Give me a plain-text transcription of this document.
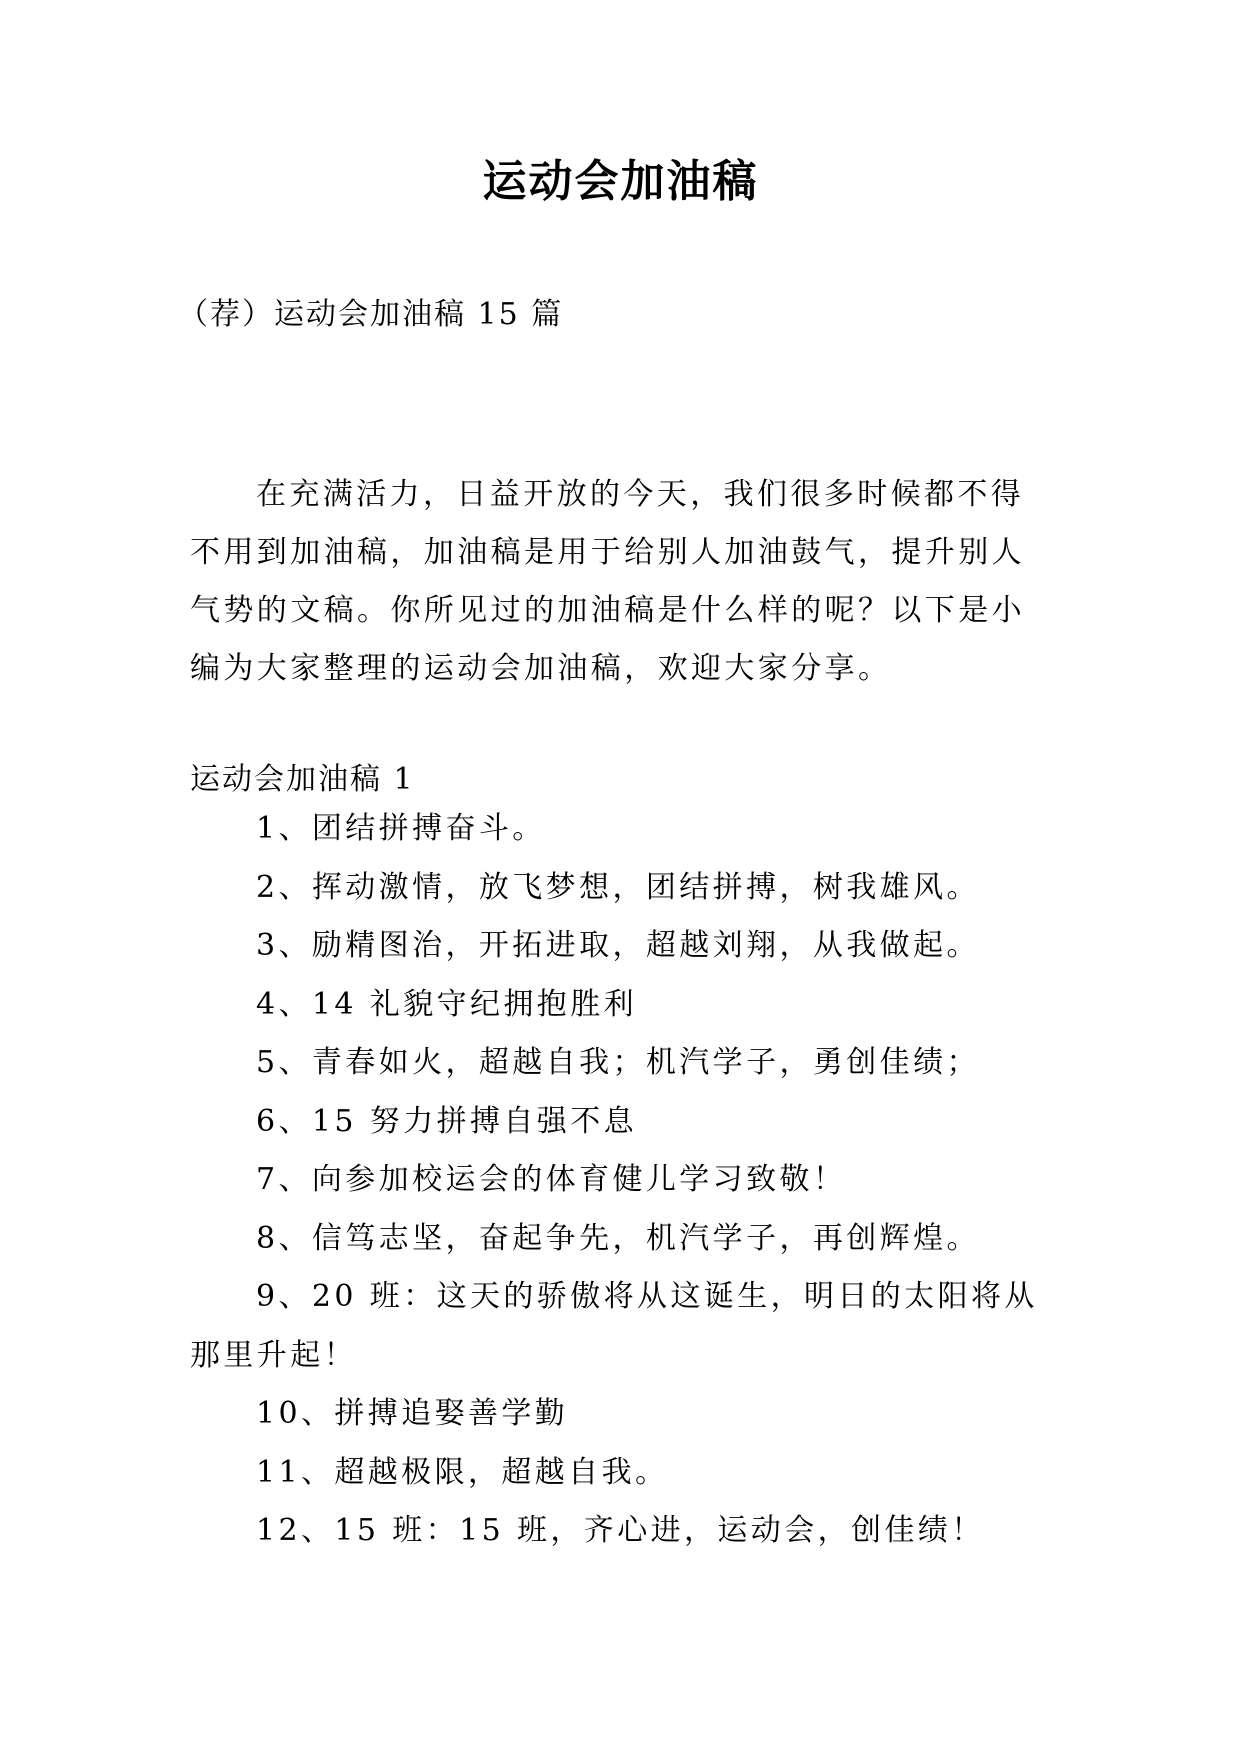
运动会加油稿
（荐）运动会加油稿 15 篇

在充满活力，日益开放的今天，我们很多时候都不得不用到加油稿，加油稿是用于给别人加油鼓气，提升别人气势的文稿。你所见过的加油稿是什么样的呢？以下是小编为大家整理的运动会加油稿，欢迎大家分享。

运动会加油稿 1
1、团结拼搏奋斗。
2、挥动激情，放飞梦想，团结拼搏，树我雄风。
3、励精图治，开拓进取，超越刘翔，从我做起。
4、14 礼貌守纪拥抱胜利
5、青春如火，超越自我；机汽学子，勇创佳绩；
6、15 努力拼搏自强不息
7、向参加校运会的体育健儿学习致敬！
8、信笃志坚，奋起争先，机汽学子，再创辉煌。
9、20 班：这天的骄傲将从这诞生，明日的太阳将从那里升起！
10、拼搏追娶善学勤
11、超越极限，超越自我。
12、15 班：15 班，齐心进，运动会，创佳绩！
